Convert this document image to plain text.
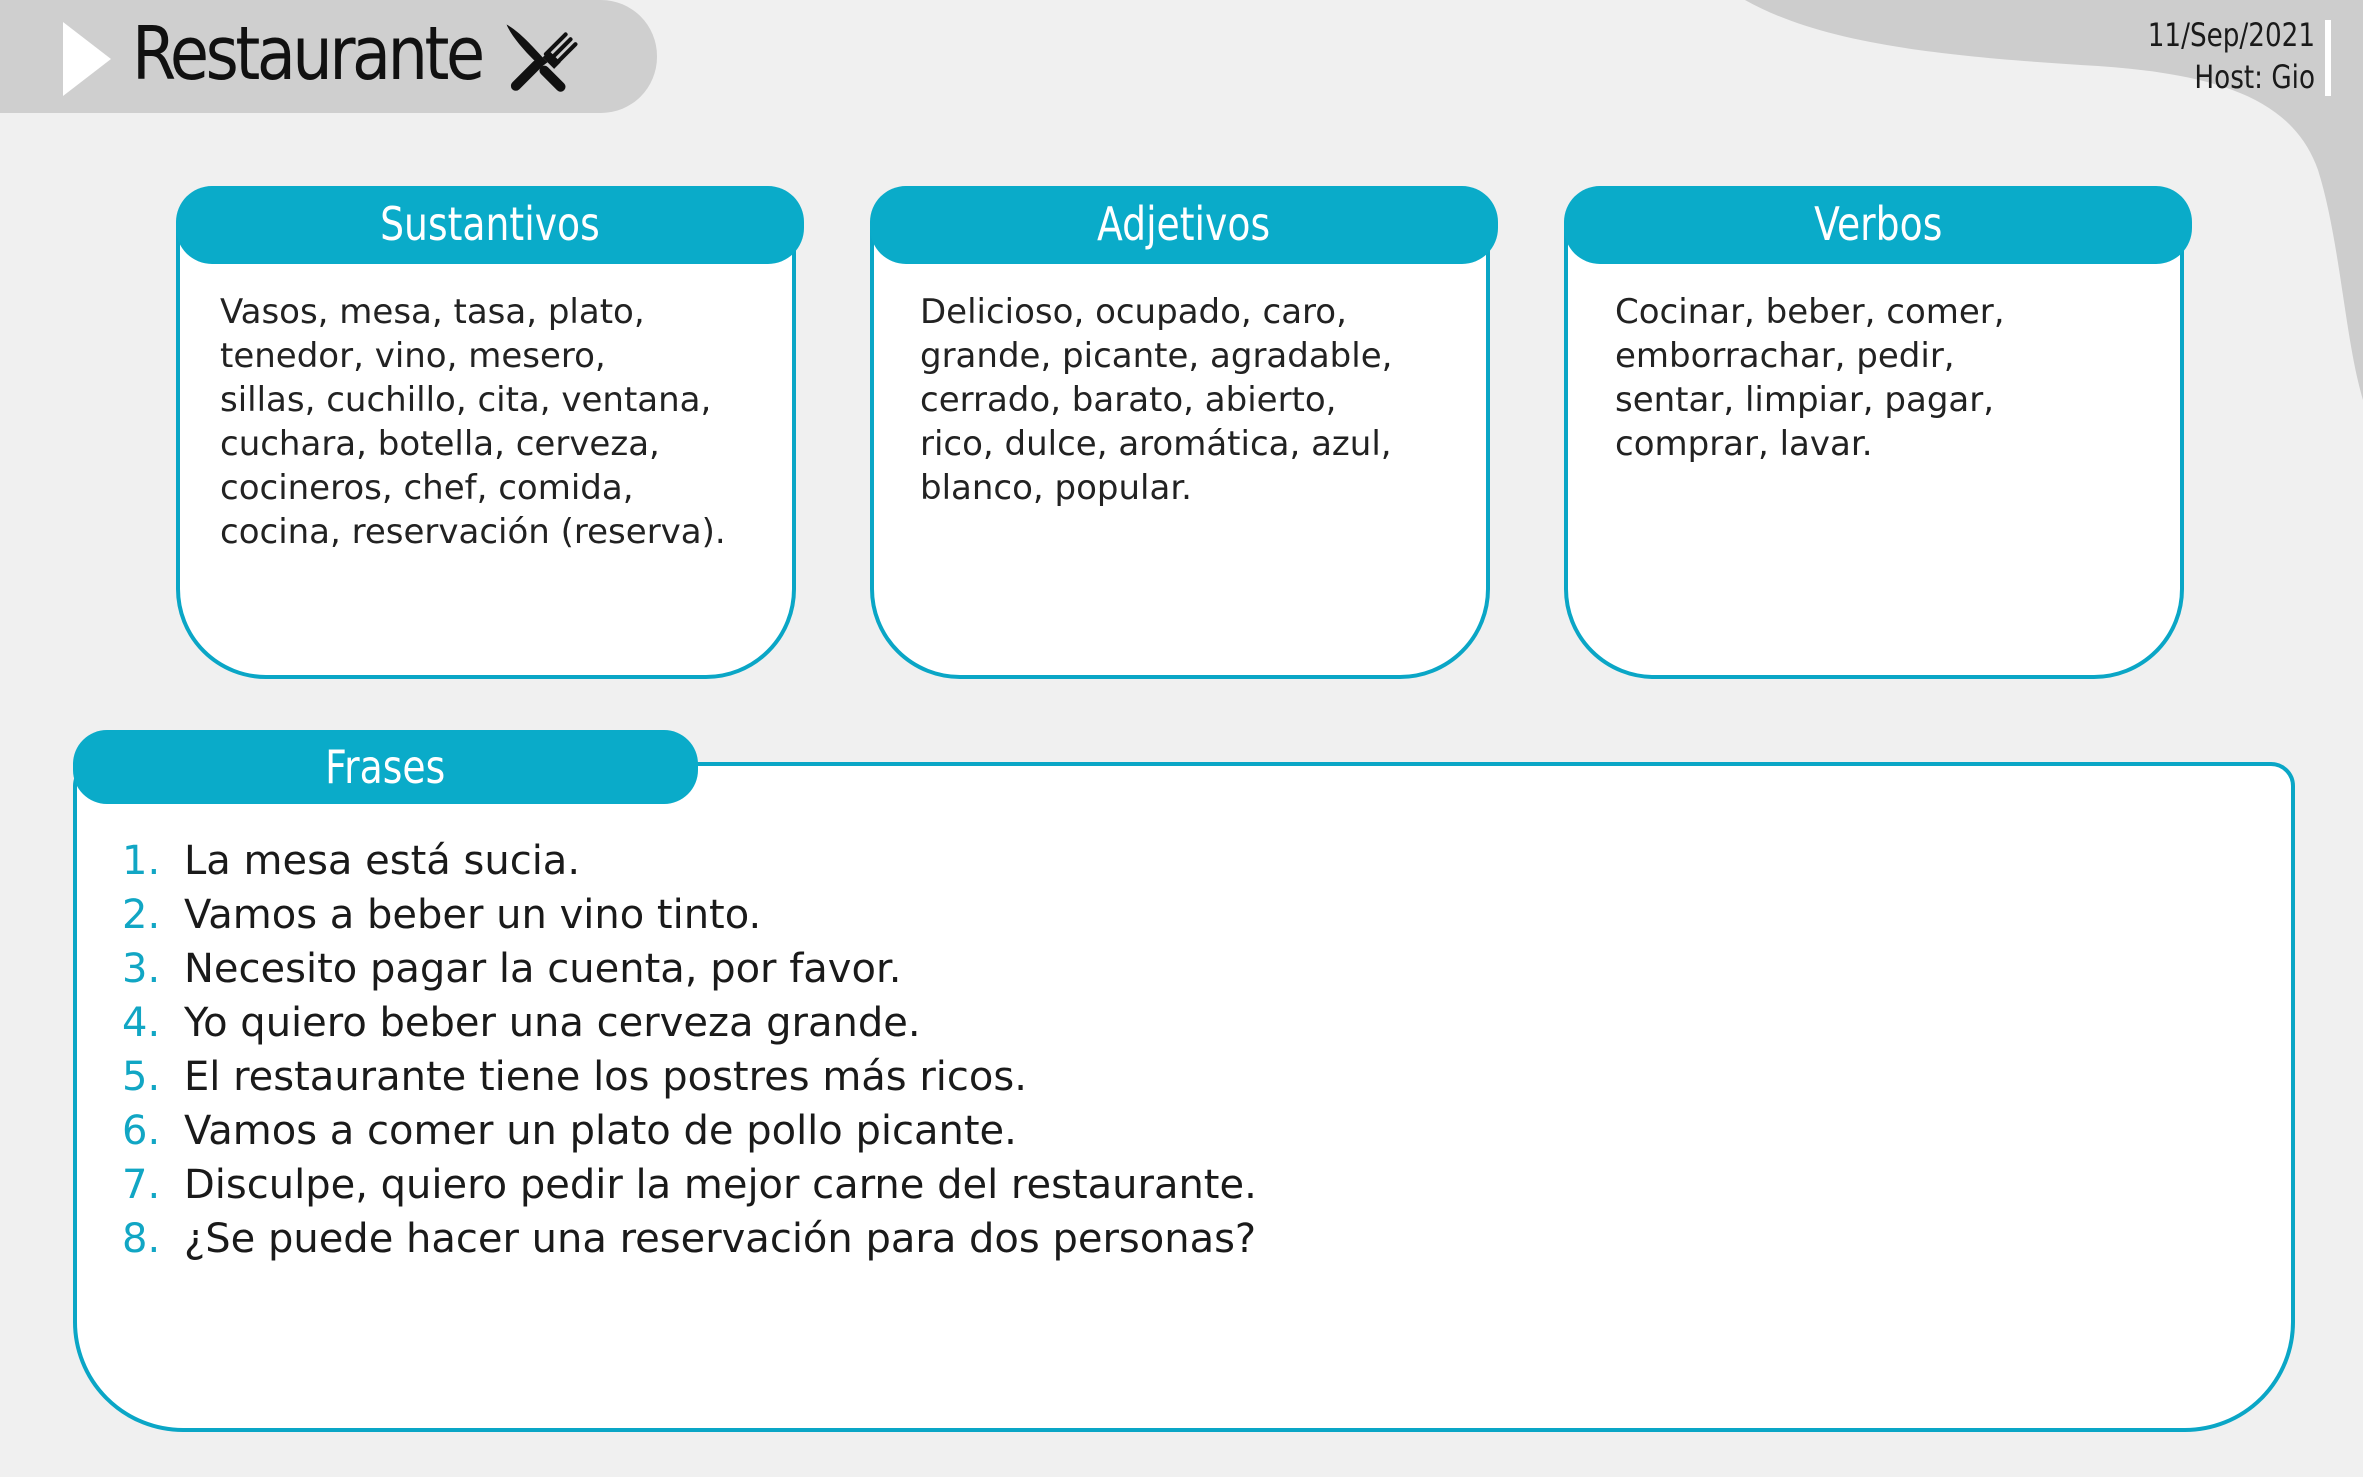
Restaurante	11/Sep/2021
Host: Gio
Sustantivos
Vasos, mesa, tasa, plato,
tenedor, vino, mesero,
sillas, cuchillo, cita, ventana,
cuchara, botella, cerveza,
cocineros, chef, comida,
cocina, reservación (reserva).
Adjetivos
Delicioso, ocupado, caro,
grande, picante, agradable,
cerrado, barato, abierto,
rico, dulce, aromática, azul,
blanco, popular.
Verbos
Cocinar, beber, comer,
emborrachar, pedir,
sentar, limpiar, pagar,
comprar, lavar.
Frases
1. La mesa está sucia.
2. Vamos a beber un vino tinto.
3. Necesito pagar la cuenta, por favor.
4. Yo quiero beber una cerveza grande.
5. El restaurante tiene los postres más ricos.
6. Vamos a comer un plato de pollo picante.
7. Disculpe, quiero pedir la mejor carne del restaurante.
8. ¿Se puede hacer una reservación para dos personas?
